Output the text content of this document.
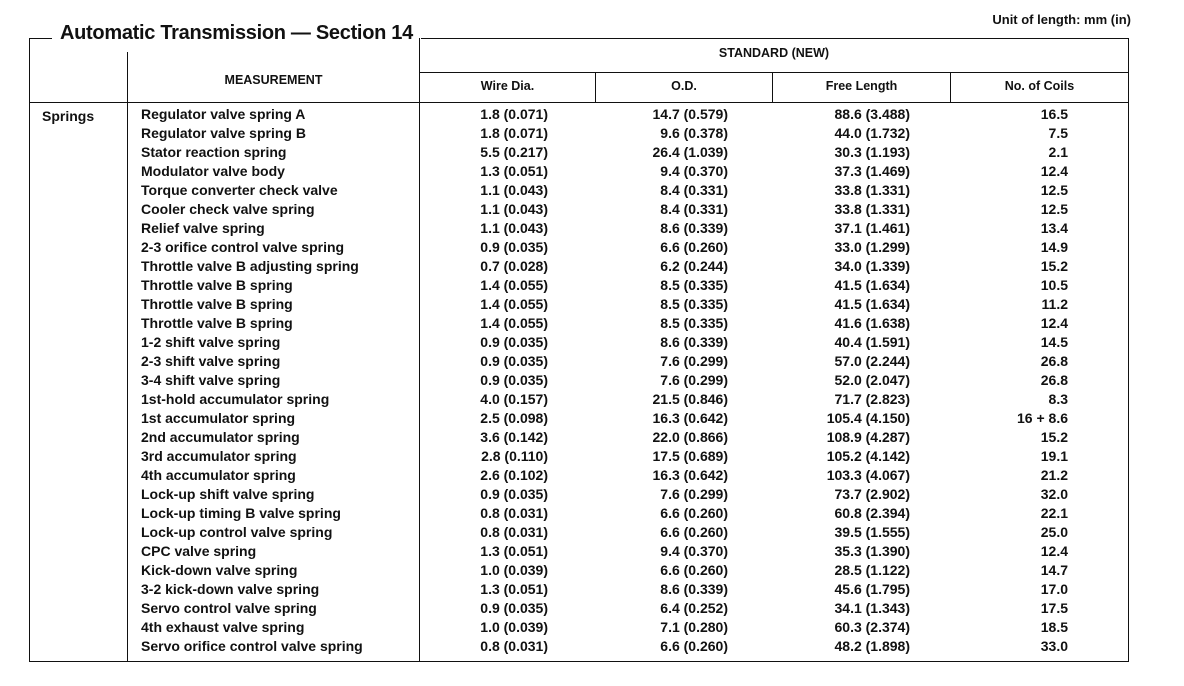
Unit of length: mm (in)
Automatic Transmission — Section 14
STANDARD (NEW)
MEASUREMENT	Wire Dia.	O.D.	Free Length	No. of Coils
Springs	Regulator valve spring A	1.8 (0.071)	14.7 (0.579)	88.6 (3.488)	16.5
Regulator valve spring B	1.8 (0.071)	9.6 (0.378)	44.0 (1.732)	7.5
Stator reaction spring	5.5 (0.217)	26.4 (1.039)	30.3 (1.193)	2.1
Modulator valve body	1.3 (0.051)	9.4 (0.370)	37.3 (1.469)	12.4
Torque converter check valve	1.1 (0.043)	8.4 (0.331)	33.8 (1.331)	12.5
Cooler check valve spring	1.1 (0.043)	8.4 (0.331)	33.8 (1.331)	12.5
Relief valve spring	1.1 (0.043)	8.6 (0.339)	37.1 (1.461)	13.4
2-3 orifice control valve spring	0.9 (0.035)	6.6 (0.260)	33.0 (1.299)	14.9
Throttle valve B adjusting spring	0.7 (0.028)	6.2 (0.244)	34.0 (1.339)	15.2
Throttle valve B spring	1.4 (0.055)	8.5 (0.335)	41.5 (1.634)	10.5
Throttle valve B spring	1.4 (0.055)	8.5 (0.335)	41.5 (1.634)	11.2
Throttle valve B spring	1.4 (0.055)	8.5 (0.335)	41.6 (1.638)	12.4
1-2 shift valve spring	0.9 (0.035)	8.6 (0.339)	40.4 (1.591)	14.5
2-3 shift valve spring	0.9 (0.035)	7.6 (0.299)	57.0 (2.244)	26.8
3-4 shift valve spring	0.9 (0.035)	7.6 (0.299)	52.0 (2.047)	26.8
1st-hold accumulator spring	4.0 (0.157)	21.5 (0.846)	71.7 (2.823)	8.3
1st accumulator spring	2.5 (0.098)	16.3 (0.642)	105.4 (4.150)	16 + 8.6
2nd accumulator spring	3.6 (0.142)	22.0 (0.866)	108.9 (4.287)	15.2
3rd accumulator spring	2.8 (0.110)	17.5 (0.689)	105.2 (4.142)	19.1
4th accumulator spring	2.6 (0.102)	16.3 (0.642)	103.3 (4.067)	21.2
Lock-up shift valve spring	0.9 (0.035)	7.6 (0.299)	73.7 (2.902)	32.0
Lock-up timing B valve spring	0.8 (0.031)	6.6 (0.260)	60.8 (2.394)	22.1
Lock-up control valve spring	0.8 (0.031)	6.6 (0.260)	39.5 (1.555)	25.0
CPC valve spring	1.3 (0.051)	9.4 (0.370)	35.3 (1.390)	12.4
Kick-down valve spring	1.0 (0.039)	6.6 (0.260)	28.5 (1.122)	14.7
3-2 kick-down valve spring	1.3 (0.051)	8.6 (0.339)	45.6 (1.795)	17.0
Servo control valve spring	0.9 (0.035)	6.4 (0.252)	34.1 (1.343)	17.5
4th exhaust valve spring	1.0 (0.039)	7.1 (0.280)	60.3 (2.374)	18.5
Servo orifice control valve spring	0.8 (0.031)	6.6 (0.260)	48.2 (1.898)	33.0
